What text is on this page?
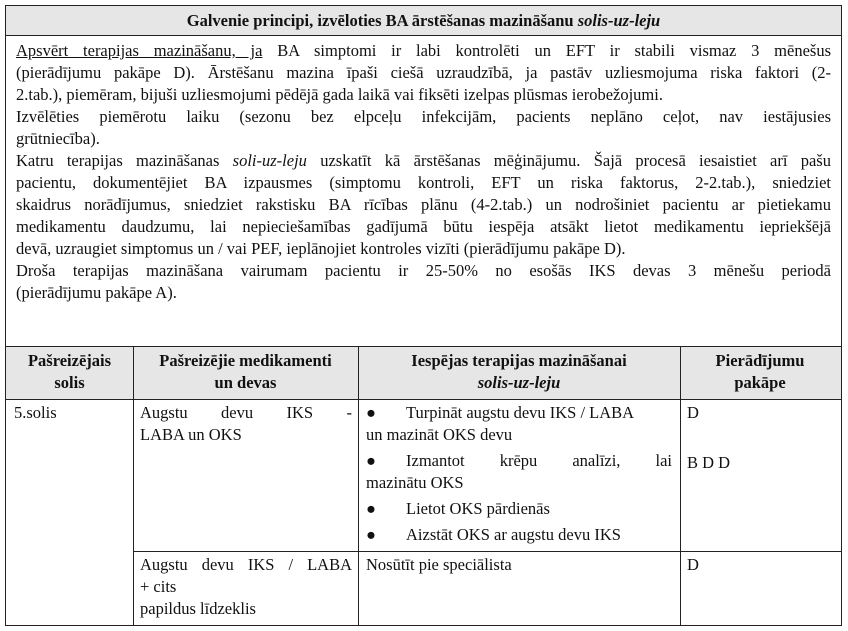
Galvenie principi, izvēloties BA ārstēšanas mazināšanu solis-uz-leju

Apsvērt terapijas mazināšanu, ja BA simptomi ir labi kontrolēti un EFT ir stabili vismaz 3 mēnešus

(pierādījumu pakāpe D). Ārstēšanu mazina īpaši ciešā uzraudzībā, ja pastāv uzliesmojuma riska faktori (2-

2.tab.), piemēram, bijuši uzliesmojumi pēdējā gada laikā vai fiksēti izelpas plūsmas ierobežojumi.

Izvēlēties piemērotu laiku (sezonu bez elpceļu infekcijām, pacients neplāno ceļot, nav iestājusies

grūtniecība).

Katru terapijas mazināšanas soli-uz-leju uzskatīt kā ārstēšanas mēģinājumu. Šajā procesā iesaistiet arī pašu

pacientu, dokumentējiet BA izpausmes (simptomu kontroli, EFT un riska faktorus, 2-2.tab.), sniedziet

skaidrus norādījumus, sniedziet rakstisku BA rīcības plānu (4-2.tab.) un nodrošiniet pacientu ar pietiekamu

medikamentu daudzumu, lai nepieciešamības gadījumā būtu iespēja atsākt lietot medikamentu iepriekšējā

devā, uzraugiet simptomus un / vai PEF, ieplānojiet kontroles vizīti (pierādījumu pakāpe D).

Droša terapijas mazināšana vairumam pacientu ir 25-50% no esošās IKS devas 3 mēnešu periodā

(pierādījumu pakāpe A).

Pašreizējais
solis
Pašreizējie medikamenti
un devas
Iespējas terapijas mazināšanai
solis-uz-leju
Pierādījumu
pakāpe
5.solis	Augstu devu IKS -
LABA un OKS
● Turpināt augstu devu IKS / LABA
un mazināt OKS devu
● Izmantot krēpu analīzi, lai
mazinātu OKS
● Lietot OKS pārdienās
● Aizstāt OKS ar augstu devu IKS
D
B D D
Augstu devu IKS / LABA
+ cits
papildus līdzeklis
Nosūtīt pie speciālista	D
